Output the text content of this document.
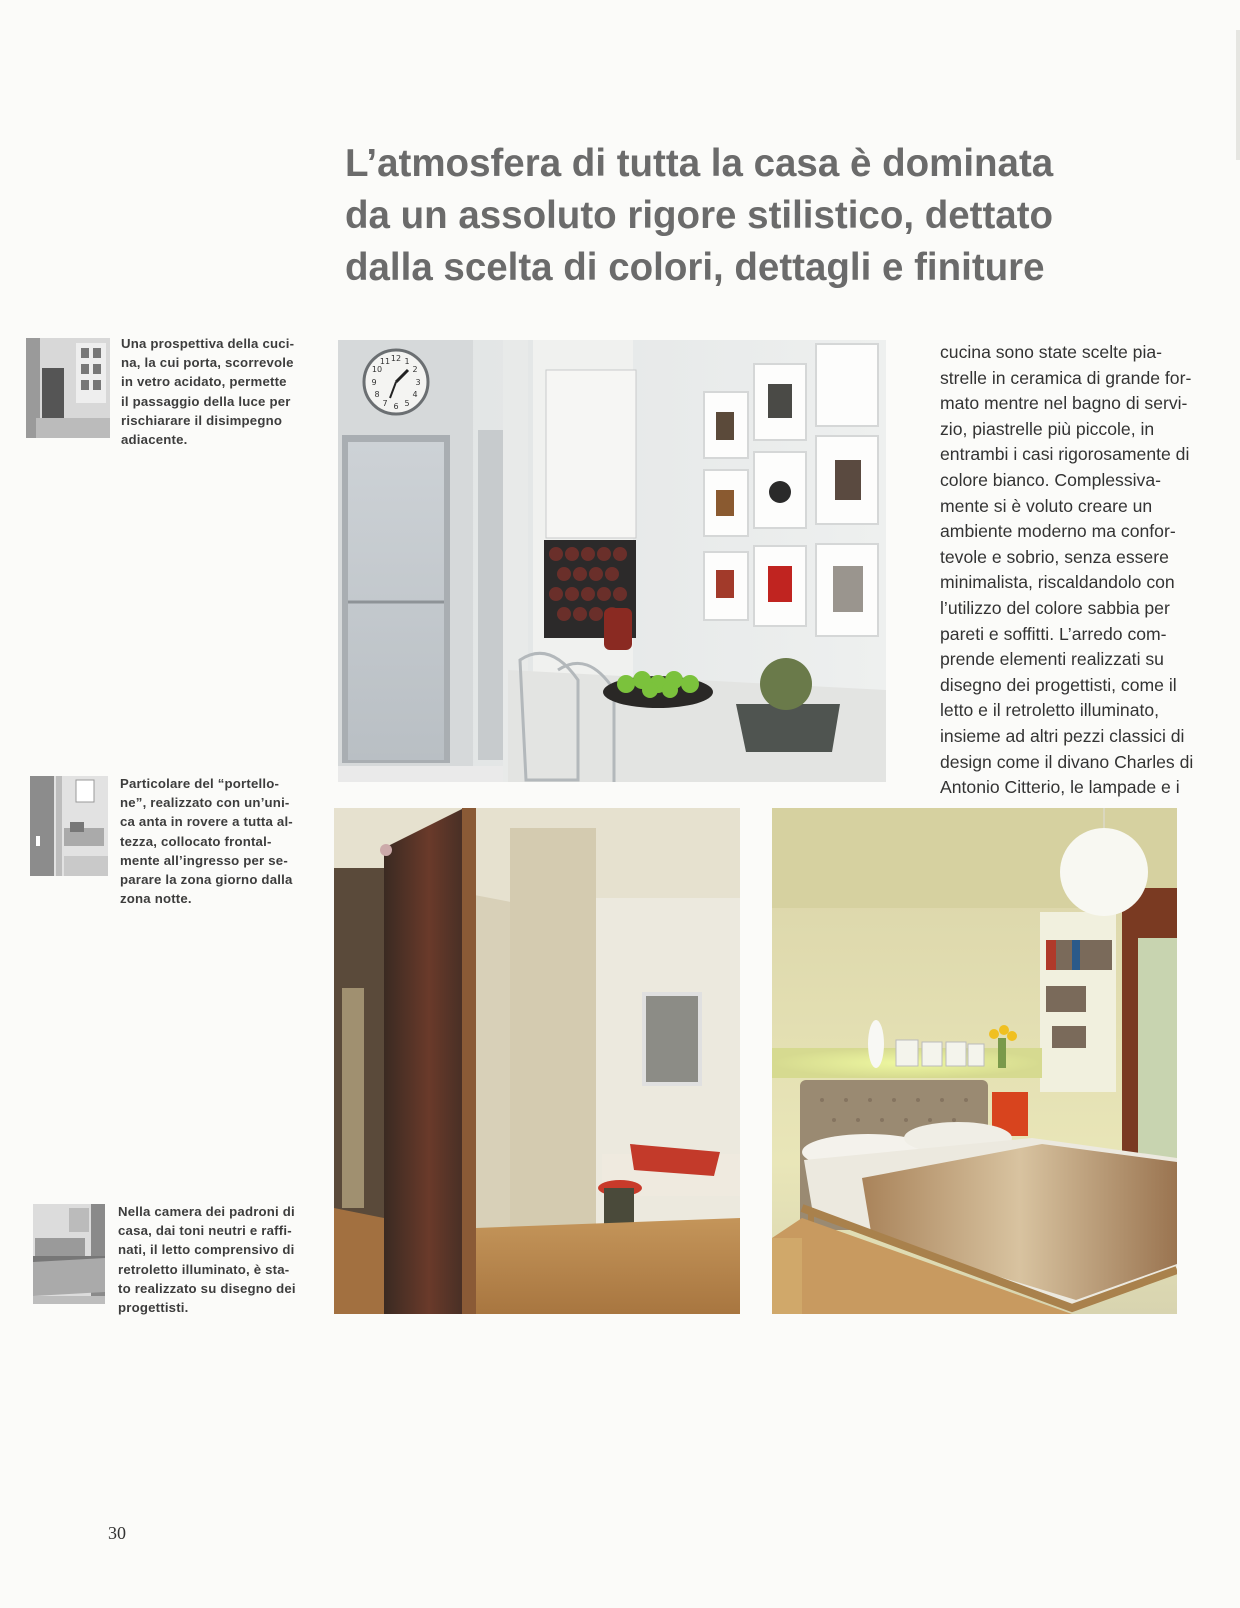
L’atmosfera di tutta la casa è dominata
da un assoluto rigore stilistico, dettato
dalla scelta di colori, dettagli e finiture

Una prospettiva della cuci-
na, la cui porta, scorrevole
in vetro acidato, permette
il passaggio della luce per
rischiarare il disimpegno
adiacente.

Particolare del “portello-
ne”, realizzato con un’uni-
ca anta in rovere a tutta al-
tezza, collocato frontal-
mente all’ingresso per se-
parare la zona giorno dalla
zona notte.

Nella camera dei padroni di
casa, dai toni neutri e raffi-
nati, il letto comprensivo di
retroletto illuminato, è sta-
to realizzato su disegno dei
progettisti.

12 1
2
3
4
5
6
7
8
9
10
11	cucina sono state scelte pia-
strelle in ceramica di grande for-
mato mentre nel bagno di servi-
zio, piastrelle più piccole, in
entrambi i casi rigorosamente di
colore bianco. Complessiva-
mente si è voluto creare un
ambiente moderno ma confor-
tevole e sobrio, senza essere
minimalista, riscaldandolo con
l’utilizzo del colore sabbia per
pareti e soffitti. L’arredo com-
prende elementi realizzati su
disegno dei progettisti, come il
letto e il retroletto illuminato,
insieme ad altri pezzi classici di
design come il divano Charles di
Antonio Citterio, le lampade e i

30
